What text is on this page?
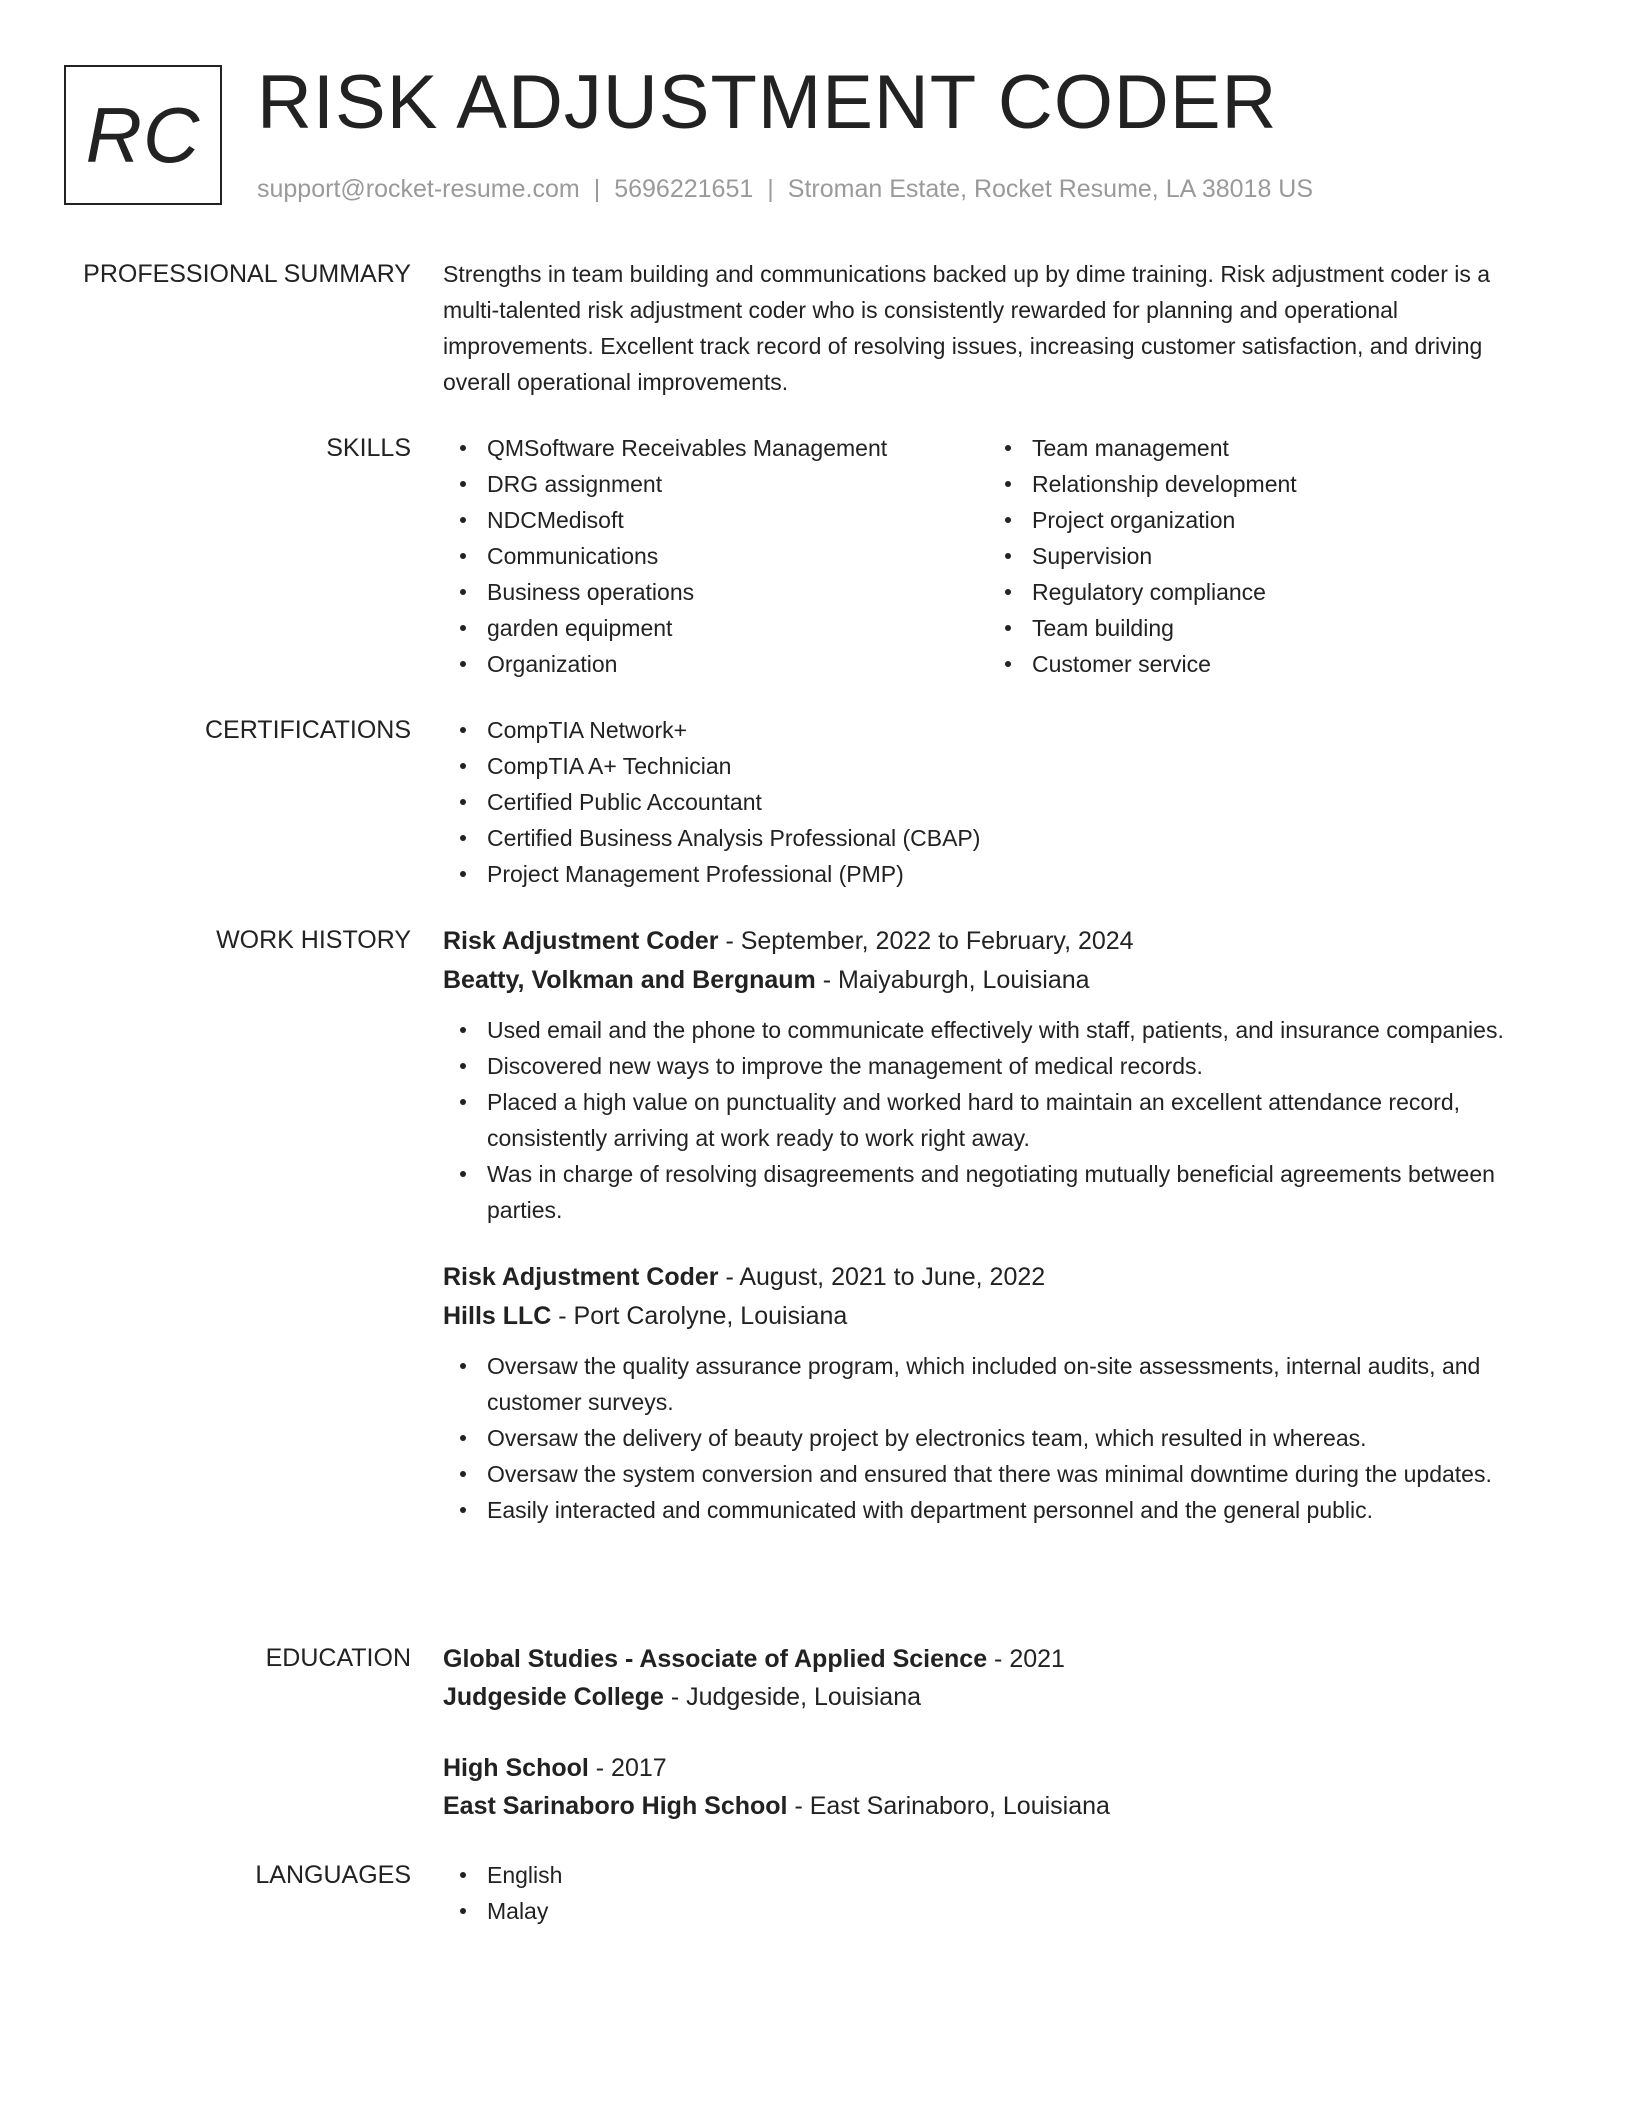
RC RISK ADJUSTMENT CODER
support@rocket-resume.com | 5696221651 | Stroman Estate, Rocket Resume, LA 38018 US
PROFESSIONAL SUMMARY Strengths in team building and communications backed up by dime training. Risk adjustment coder is a multi-talented risk adjustment coder who is consistently rewarded for planning and operational improvements. Excellent track record of resolving issues, increasing customer satisfaction, and driving overall operational improvements.

SKILLS	QMSoftware Receivables Management
DRG assignment
NDCMedisoft
Communications
Business operations
garden equipment
Organization
Team management
Relationship development
Project organization
Supervision
Regulatory compliance
Team building
Customer service
CERTIFICATIONS	CompTIA Network+
CompTIA A+ Technician
Certified Public Accountant
Certified Business Analysis Professional (CBAP)
Project Management Professional (PMP)
WORK HISTORY Risk Adjustment Coder - September, 2022 to February, 2024
Beatty, Volkman and Bergnaum - Maiyaburgh, Louisiana
Used email and the phone to communicate effectively with staff, patients, and insurance companies.
Discovered new ways to improve the management of medical records.
Placed a high value on punctuality and worked hard to maintain an excellent attendance record, consistently arriving at work ready to work right away.
Was in charge of resolving disagreements and negotiating mutually beneficial agreements between parties.
Risk Adjustment Coder - August, 2021 to June, 2022
Hills LLC - Port Carolyne, Louisiana
Oversaw the quality assurance program, which included on-site assessments, internal audits, and customer surveys.
Oversaw the delivery of beauty project by electronics team, which resulted in whereas.
Oversaw the system conversion and ensured that there was minimal downtime during the updates.
Easily interacted and communicated with department personnel and the general public.
EDUCATION Global Studies - Associate of Applied Science - 2021
Judgeside College - Judgeside, Louisiana
High School - 2017
East Sarinaboro High School - East Sarinaboro, Louisiana
LANGUAGES	English
Malay
